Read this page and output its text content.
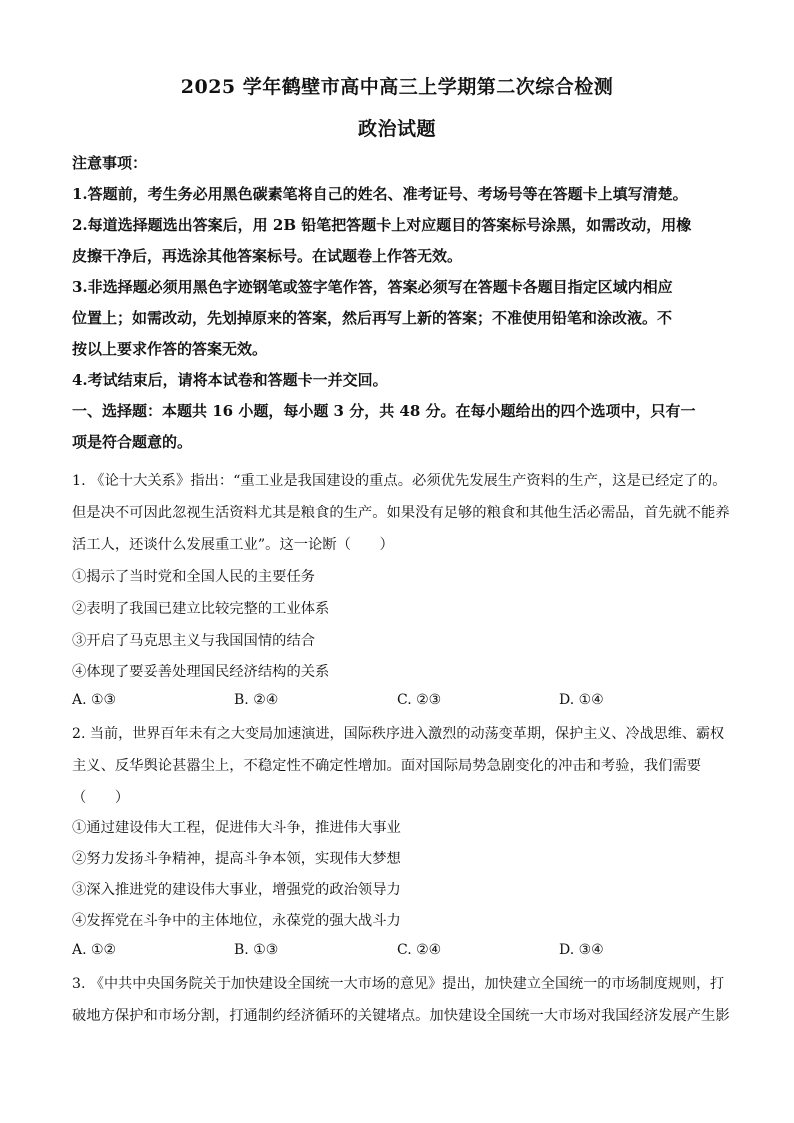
2025 学年鹤壁市高中高三上学期第二次综合检测
政治试题
注意事项：
1.答题前，考生务必用黑色碳素笔将自己的姓名、准考证号、考场号等在答题卡上填写清楚。
2.每道选择题选出答案后，用 2B 铅笔把答题卡上对应题目的答案标号涂黑，如需改动，用橡
皮擦干净后，再选涂其他答案标号。在试题卷上作答无效。
3.非选择题必须用黑色字迹钢笔或签字笔作答，答案必须写在答题卡各题目指定区域内相应
位置上；如需改动，先划掉原来的答案，然后再写上新的答案；不准使用铅笔和涂改液。不
按以上要求作答的答案无效。
4.考试结束后，请将本试卷和答题卡一并交回。
一、选择题：本题共 16 小题，每小题 3 分，共 48 分。在每小题给出的四个选项中，只有一
项是符合题意的。
1. 《论十大关系》指出：“重工业是我国建设的重点。必须优先发展生产资料的生产，这是已经定了的。
但是决不可因此忽视生活资料尤其是粮食的生产。如果没有足够的粮食和其他生活必需品，首先就不能养
活工人，还谈什么发展重工业”。这一论断（　　）
①揭示了当时党和全国人民的主要任务
②表明了我国已建立比较完整的工业体系
③开启了马克思主义与我国国情的结合
④体现了要妥善处理国民经济结构的关系
A. ①③	B. ②④	C. ②③	D. ①④
2. 当前，世界百年未有之大变局加速演进，国际秩序进入激烈的动荡变革期，保护主义、冷战思维、霸权
主义、反华舆论甚嚣尘上，不稳定性不确定性增加。面对国际局势急剧变化的冲击和考验，我们需要
（　　）
①通过建设伟大工程，促进伟大斗争，推进伟大事业
②努力发扬斗争精神，提高斗争本领，实现伟大梦想
③深入推进党的建设伟大事业，增强党的政治领导力
④发挥党在斗争中的主体地位，永葆党的强大战斗力
A. ①②	B. ①③	C. ②④	D. ③④
3. 《中共中央国务院关于加快建设全国统一大市场的意见》提出，加快建立全国统一的市场制度规则，打
破地方保护和市场分割，打通制约经济循环的关键堵点。加快建设全国统一大市场对我国经济发展产生影
